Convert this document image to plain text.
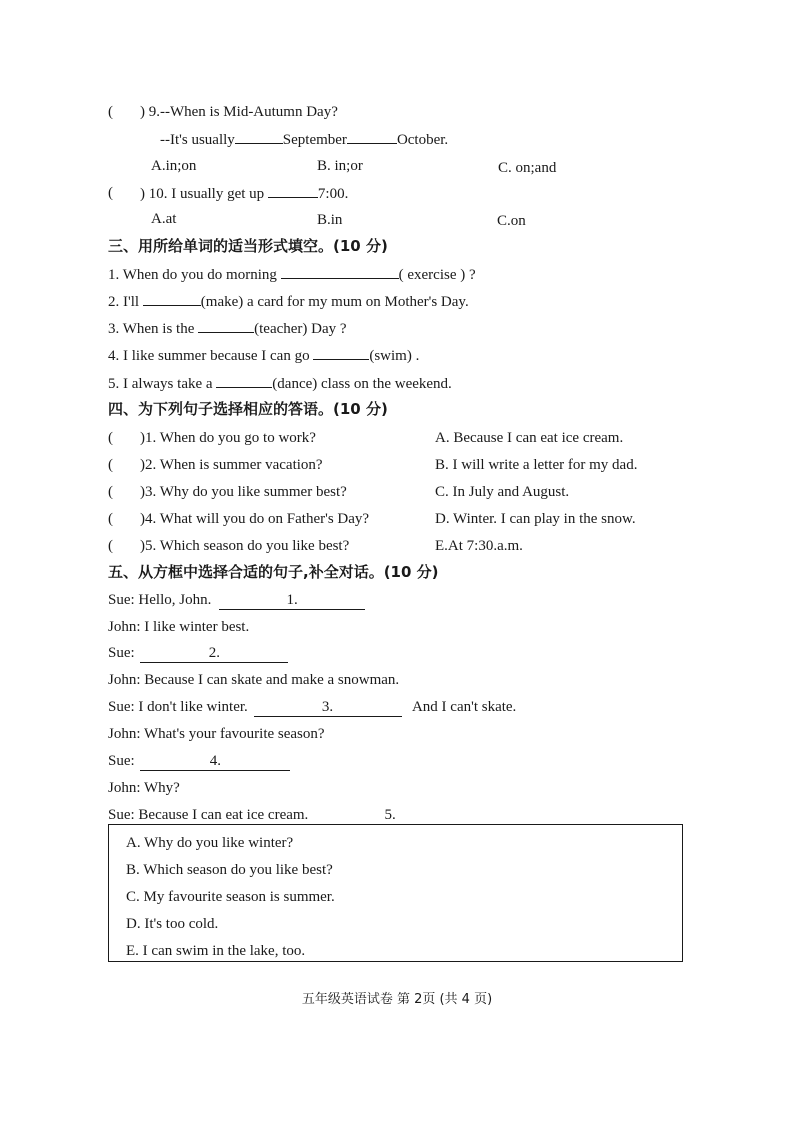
( ) 9.--When is Mid-Autumn Day?
--It's usually	September	October.
A.in;on	B. in;or	C. on;and
( ) 10. I usually get up	7:00.
A.at	B.in	C.on
三、用所给单词的适当形式填空。(10 分)
1. When do you do morning	( exercise ) ?
2. I'll	(make) a card for my mum on Mother's Day.
3. When is the	(teacher) Day ?
4. I like summer because I can go	(swim) .
5. I always take a	(dance) class on the weekend.
四、为下列句子选择相应的答语。(10 分)
( )1. When do you go to work?	A. Because I can eat ice cream.
( )2. When is summer vacation?	B. I will write a letter for my dad.
( )3. Why do you like summer best?	C. In July and August.
( )4. What will you do on Father's Day?	D. Winter. I can play in the snow.
( )5. Which season do you like best?	E.At 7:30.a.m.
五、从方框中选择合适的句子,补全对话。(10 分)
Sue: Hello, John.	1.
John: I like winter best.
Sue:	2.
John: Because I can skate and make a snowman.
Sue: I don't like winter.	3.	And I can't skate.
John: What's your favourite season?
Sue:	4.
John: Why?
Sue: Because I can eat ice cream.	5.
A. Why do you like winter?
B. Which season do you like best?
C. My favourite season is summer.
D. It's too cold.
E. I can swim in the lake, too.
五年级英语试卷 第 2页 (共 4 页)
